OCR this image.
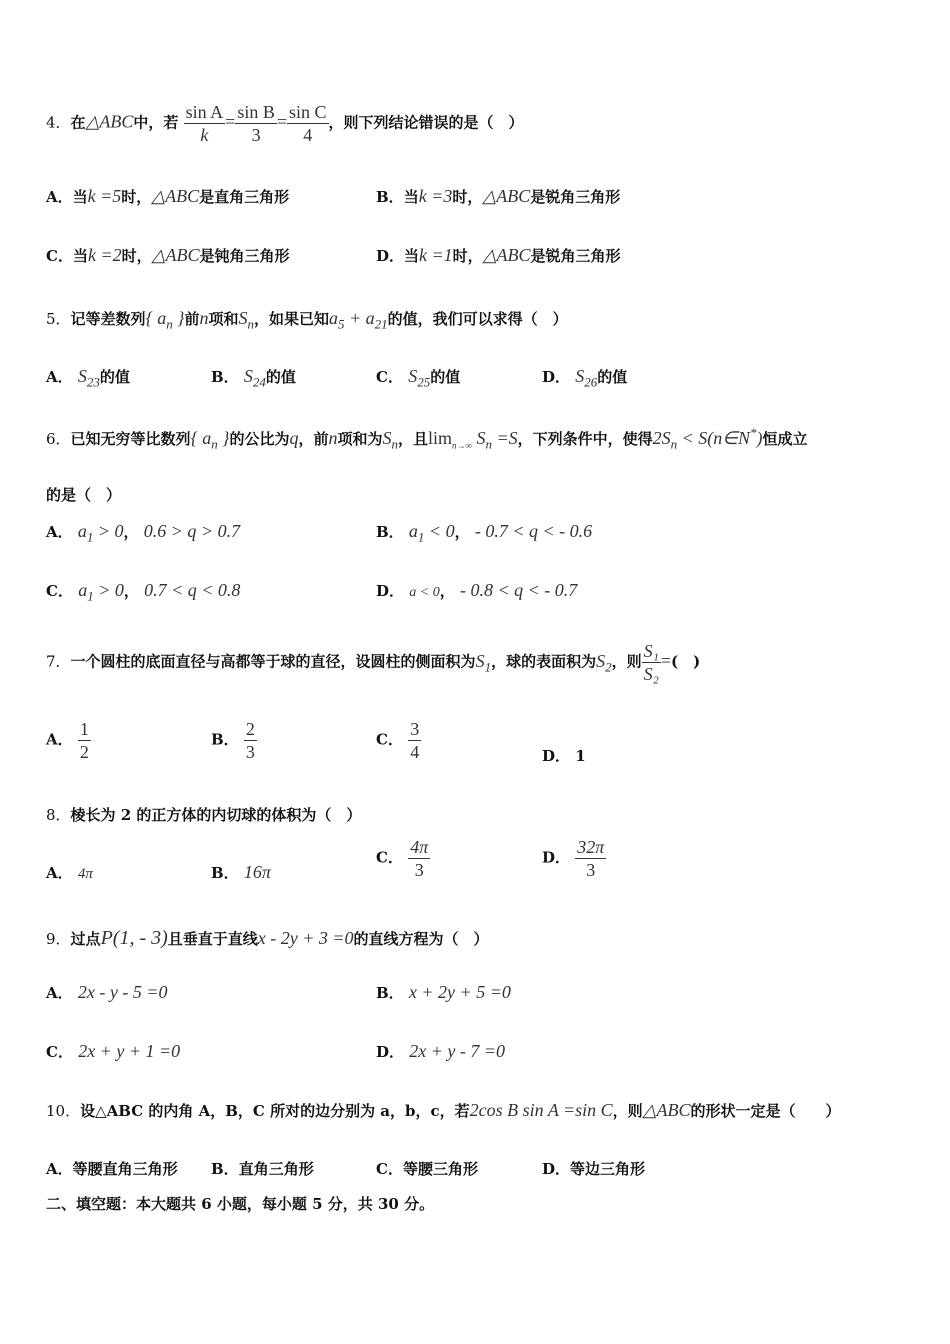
4．在△ABC中，若 $\frac{\text{sin A}}{k} = \frac{\text{sin B}}{3} = \frac{\text{sin C}}{4}$ ，则下列结论错误的是（　）
A．当k =5时，△ABC是直角三角形	B．当k =3时，△ABC是锐角三角形
C．当k =2时，△ABC是钝角三角形	D．当k =1时，△ABC是锐角三角形
5．记等差数列{ $a_n$ }前n项和$S_n$，如果已知$a_5 + a_{21}$的值，我们可以求得（　）
A． $S_{23}$的值	B． $S_{24}$的值	C． $S_{25}$的值	D． $S_{26}$的值
6．已知无穷等比数列{ $a_n$ }的公比为q，前n项和为$S_n$，且$\lim_{n\to\infty} S_n =S$，下列条件中，使得$2S_n$ < S(n∈N*)恒成立
的是（　）
A． $a_1 > 0$， 0.6 > q > 0.7	B． $a_1 < 0$， - 0.7 < q < - 0.6
C． $a_1 > 0$， 0.7 < q < 0.8	D． a < 0， - 0.8 < q < - 0.7
7．一个圆柱的底面直径与高都等于球的直径，设圆柱的侧面积为$S_1$，球的表面积为$S_2$，则 $\frac{\text{S₁}}{\text{S₂}}$ =(　)
A． $\frac{1}{2}$	B． $\frac{2}{3}$	C． $\frac{3}{4}$	D． 1
8．棱长为 2 的正方体的内切球的体积为（　）
A． 4π	B． 16π
C． $\frac{4\pi}{3}$	D． $\frac{32\pi}{3}$
9．过点P(1, - 3)且垂直于直线x - 2y + 3 =0的直线方程为（　）
A． 2x - y - 5 =0	B． x + 2y + 5 =0
C． 2x + y + 1 =0	D． 2x + y - 7 =0
10．设△ABC 的内角 A，B，C 所对的边分别为 a，b，c，若2cos B sin A =sin C，则△ABC的形状一定是（　　）
A．等腰直角三角形 B．直角三角形	C．等腰三角形	D．等边三角形
二、填空题：本大题共 6 小题，每小题 5 分，共 30 分。
